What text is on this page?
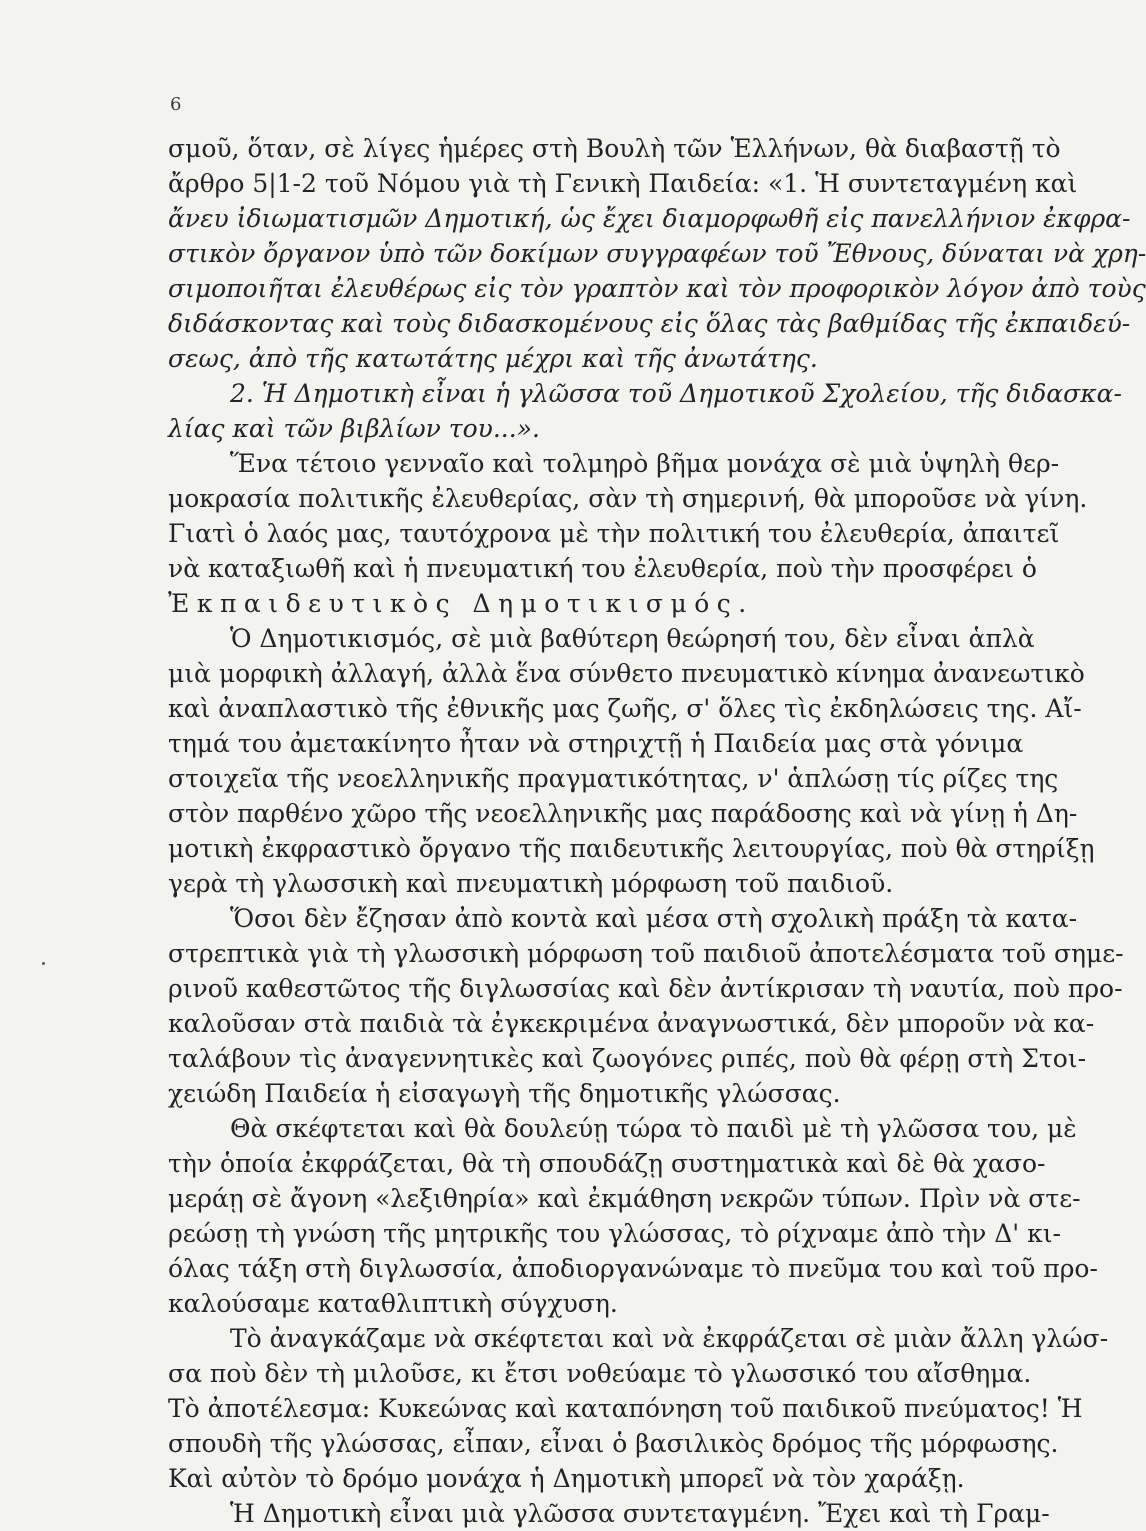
6
σμοῦ, ὅταν, σὲ λίγες ἡμέρες στὴ Βουλὴ τῶν Ἑλλήνων, θὰ διαβαστῇ τὸ
ἄρθρο 5|1-2 τοῦ Νόμου γιὰ τὴ Γενικὴ Παιδεία: «1. Ἡ συντεταγμένη καὶ
ἄνευ ἰδιωματισμῶν Δημοτική, ὡς ἔχει διαμορφωθῆ εἰς πανελλήνιον ἐκφρα-
στικὸν ὄργανον ὑπὸ τῶν δοκίμων συγγραφέων τοῦ Ἔθνους, δύναται νὰ χρη-
σιμοποιῆται ἐλευθέρως εἰς τὸν γραπτὸν καὶ τὸν προφορικὸν λόγον ἀπὸ τοὺς
διδάσκοντας καὶ τοὺς διδασκομένους εἰς ὅλας τὰς βαθμίδας τῆς ἐκπαιδεύ-
σεως, ἀπὸ τῆς κατωτάτης μέχρι καὶ τῆς ἀνωτάτης.
2. Ἡ Δημοτικὴ εἶναι ἡ γλῶσσα τοῦ Δημοτικοῦ Σχολείου, τῆς διδασκα-
λίας καὶ τῶν βιβλίων του...».
Ἕνα τέτοιο γενναῖο καὶ τολμηρὸ βῆμα μονάχα σὲ μιὰ ὑψηλὴ θερ-
μοκρασία πολιτικῆς ἐλευθερίας, σὰν τὴ σημερινή, θὰ μποροῦσε νὰ γίνη.
Γιατὶ ὁ λαός μας, ταυτόχρονα μὲ τὴν πολιτική του ἐλευθερία, ἀπαιτεῖ
νὰ καταξιωθῆ καὶ ἡ πνευματική του ἐλευθερία, ποὺ τὴν προσφέρει ὁ
Ἐκπαιδευτικὸς Δημοτικισμός.
Ὁ Δημοτικισμός, σὲ μιὰ βαθύτερη θεώρησή του, δὲν εἶναι ἁπλὰ
μιὰ μορφικὴ ἀλλαγή, ἀλλὰ ἕνα σύνθετο πνευματικὸ κίνημα ἀνανεωτικὸ
καὶ ἀναπλαστικὸ τῆς ἐθνικῆς μας ζωῆς, σ' ὅλες τὶς ἐκδηλώσεις της. Αἴ-
τημά του ἀμετακίνητο ἦταν νὰ στηριχτῇ ἡ Παιδεία μας στὰ γόνιμα
στοιχεῖα τῆς νεοελληνικῆς πραγματικότητας, ν' ἁπλώσῃ τίς ρίζες της
στὸν παρθένο χῶρο τῆς νεοελληνικῆς μας παράδοσης καὶ νὰ γίνῃ ἡ Δη-
μοτικὴ ἐκφραστικὸ ὄργανο τῆς παιδευτικῆς λειτουργίας, ποὺ θὰ στηρίξῃ
γερὰ τὴ γλωσσικὴ καὶ πνευματικὴ μόρφωση τοῦ παιδιοῦ.
Ὅσοι δὲν ἔζησαν ἀπὸ κοντὰ καὶ μέσα στὴ σχολικὴ πράξη τὰ κατα-
στρεπτικὰ γιὰ τὴ γλωσσικὴ μόρφωση τοῦ παιδιοῦ ἀποτελέσματα τοῦ σημε-
ρινοῦ καθεστῶτος τῆς διγλωσσίας καὶ δὲν ἀντίκρισαν τὴ ναυτία, ποὺ προ-
καλοῦσαν στὰ παιδιὰ τὰ ἐγκεκριμένα ἀναγνωστικά, δὲν μποροῦν νὰ κα-
ταλάβουν τὶς ἀναγεννητικὲς καὶ ζωογόνες ριπές, ποὺ θὰ φέρῃ στὴ Στοι-
χειώδη Παιδεία ἡ εἰσαγωγὴ τῆς δημοτικῆς γλώσσας.
Θὰ σκέφτεται καὶ θὰ δουλεύῃ τώρα τὸ παιδὶ μὲ τὴ γλῶσσα του, μὲ
τὴν ὁποία ἐκφράζεται, θὰ τὴ σπουδάζῃ συστηματικὰ καὶ δὲ θὰ χασο-
μεράῃ σὲ ἄγονη «λεξιθηρία» καὶ ἐκμάθηση νεκρῶν τύπων. Πρὶν νὰ στε-
ρεώσῃ τὴ γνώση τῆς μητρικῆς του γλώσσας, τὸ ρίχναμε ἀπὸ τὴν Δ' κι-
όλας τάξη στὴ διγλωσσία, ἀποδιοργανώναμε τὸ πνεῦμα του καὶ τοῦ προ-
καλούσαμε καταθλιπτικὴ σύγχυση.
Τὸ ἀναγκάζαμε νὰ σκέφτεται καὶ νὰ ἐκφράζεται σὲ μιὰν ἄλλη γλώσ-
σα ποὺ δὲν τὴ μιλοῦσε, κι ἔτσι νοθεύαμε τὸ γλωσσικό του αἴσθημα.
Τὸ ἀποτέλεσμα: Κυκεώνας καὶ καταπόνηση τοῦ παιδικοῦ πνεύματος! Ἡ
σπουδὴ τῆς γλώσσας, εἶπαν, εἶναι ὁ βασιλικὸς δρόμος τῆς μόρφωσης.
Καὶ αὐτὸν τὸ δρόμο μονάχα ἡ Δημοτικὴ μπορεῖ νὰ τὸν χαράξῃ.
Ἡ Δημοτικὴ εἶναι μιὰ γλῶσσα συντεταγμένη. Ἔχει καὶ τὴ Γραμ-
